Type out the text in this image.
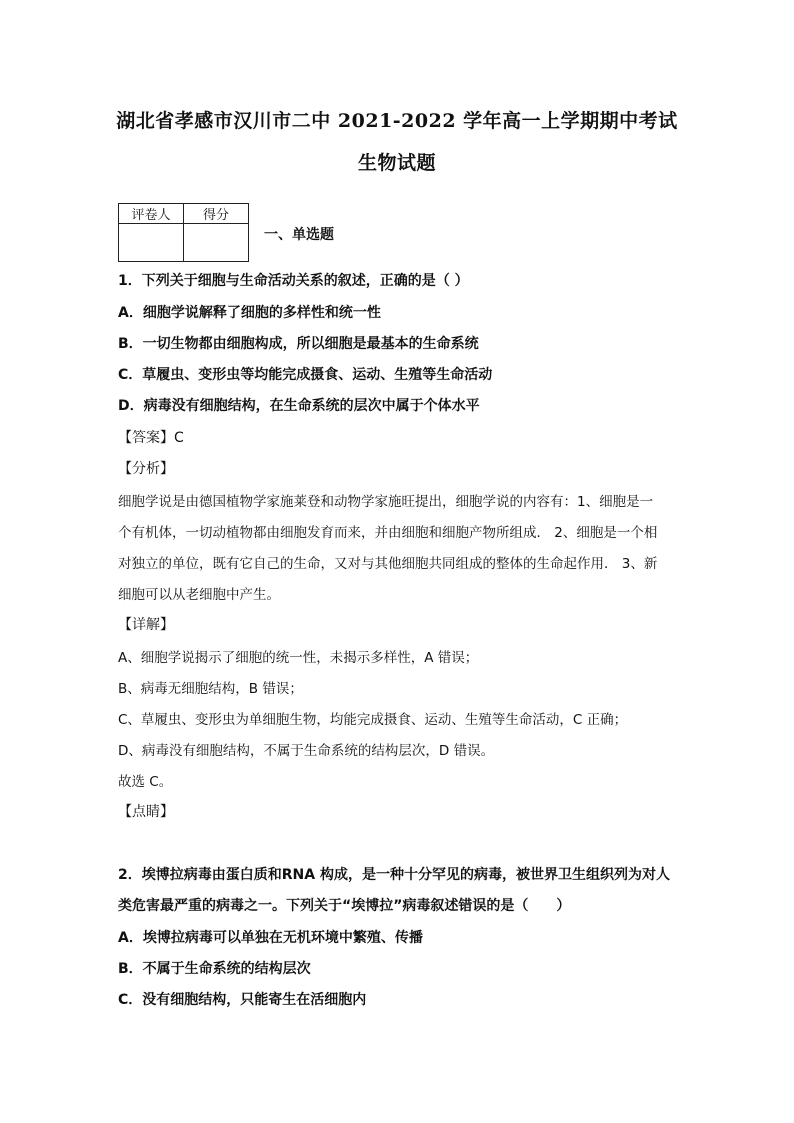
湖北省孝感市汉川市二中 2021-2022 学年高一上学期期中考试
生物试题
评卷人	得分

一、单选题
1．下列关于细胞与生命活动关系的叙述，正确的是（ ）
A．细胞学说解释了细胞的多样性和统一性
B．一切生物都由细胞构成，所以细胞是最基本的生命系统
C．草履虫、变形虫等均能完成摄食、运动、生殖等生命活动
D．病毒没有细胞结构，在生命系统的层次中属于个体水平
【答案】C
【分析】
细胞学说是由德国植物学家施莱登和动物学家施旺提出，细胞学说的内容有：1、细胞是一
个有机体，一切动植物都由细胞发育而来，并由细胞和细胞产物所组成． 2、细胞是一个相
对独立的单位，既有它自己的生命，又对与其他细胞共同组成的整体的生命起作用． 3、新
细胞可以从老细胞中产生。
【详解】
A、细胞学说揭示了细胞的统一性，未揭示多样性，A 错误；
B、病毒无细胞结构，B 错误；
C、草履虫、变形虫为单细胞生物，均能完成摄食、运动、生殖等生命活动，C 正确；
D、病毒没有细胞结构，不属于生命系统的结构层次，D 错误。
故选 C。
【点睛】
2．埃博拉病毒由蛋白质和RNA 构成，是一种十分罕见的病毒，被世界卫生组织列为对人
类危害最严重的病毒之一。下列关于“埃博拉”病毒叙述错误的是（　　）
A．埃博拉病毒可以单独在无机环境中繁殖、传播
B．不属于生命系统的结构层次
C．没有细胞结构，只能寄生在活细胞内
